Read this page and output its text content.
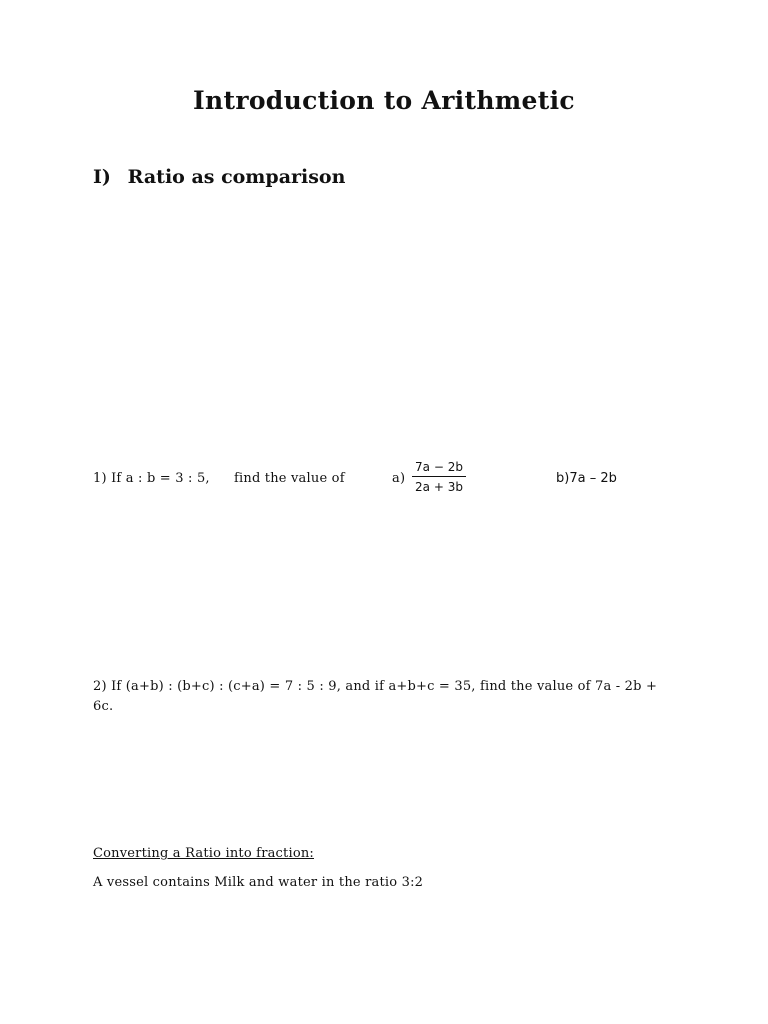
Introduction to Arithmetic
I) Ratio as comparison
1) If a : b = 3 : 5, find the value of	a)
7a − 2b
2a + 3b
b)7a – 2b
2) If (a+b) : (b+c) : (c+a) = 7 : 5 : 9, and if a+b+c = 35, find the value of 7a - 2b + 6c.
Converting a Ratio into fraction:
A vessel contains Milk and water in the ratio 3:2
